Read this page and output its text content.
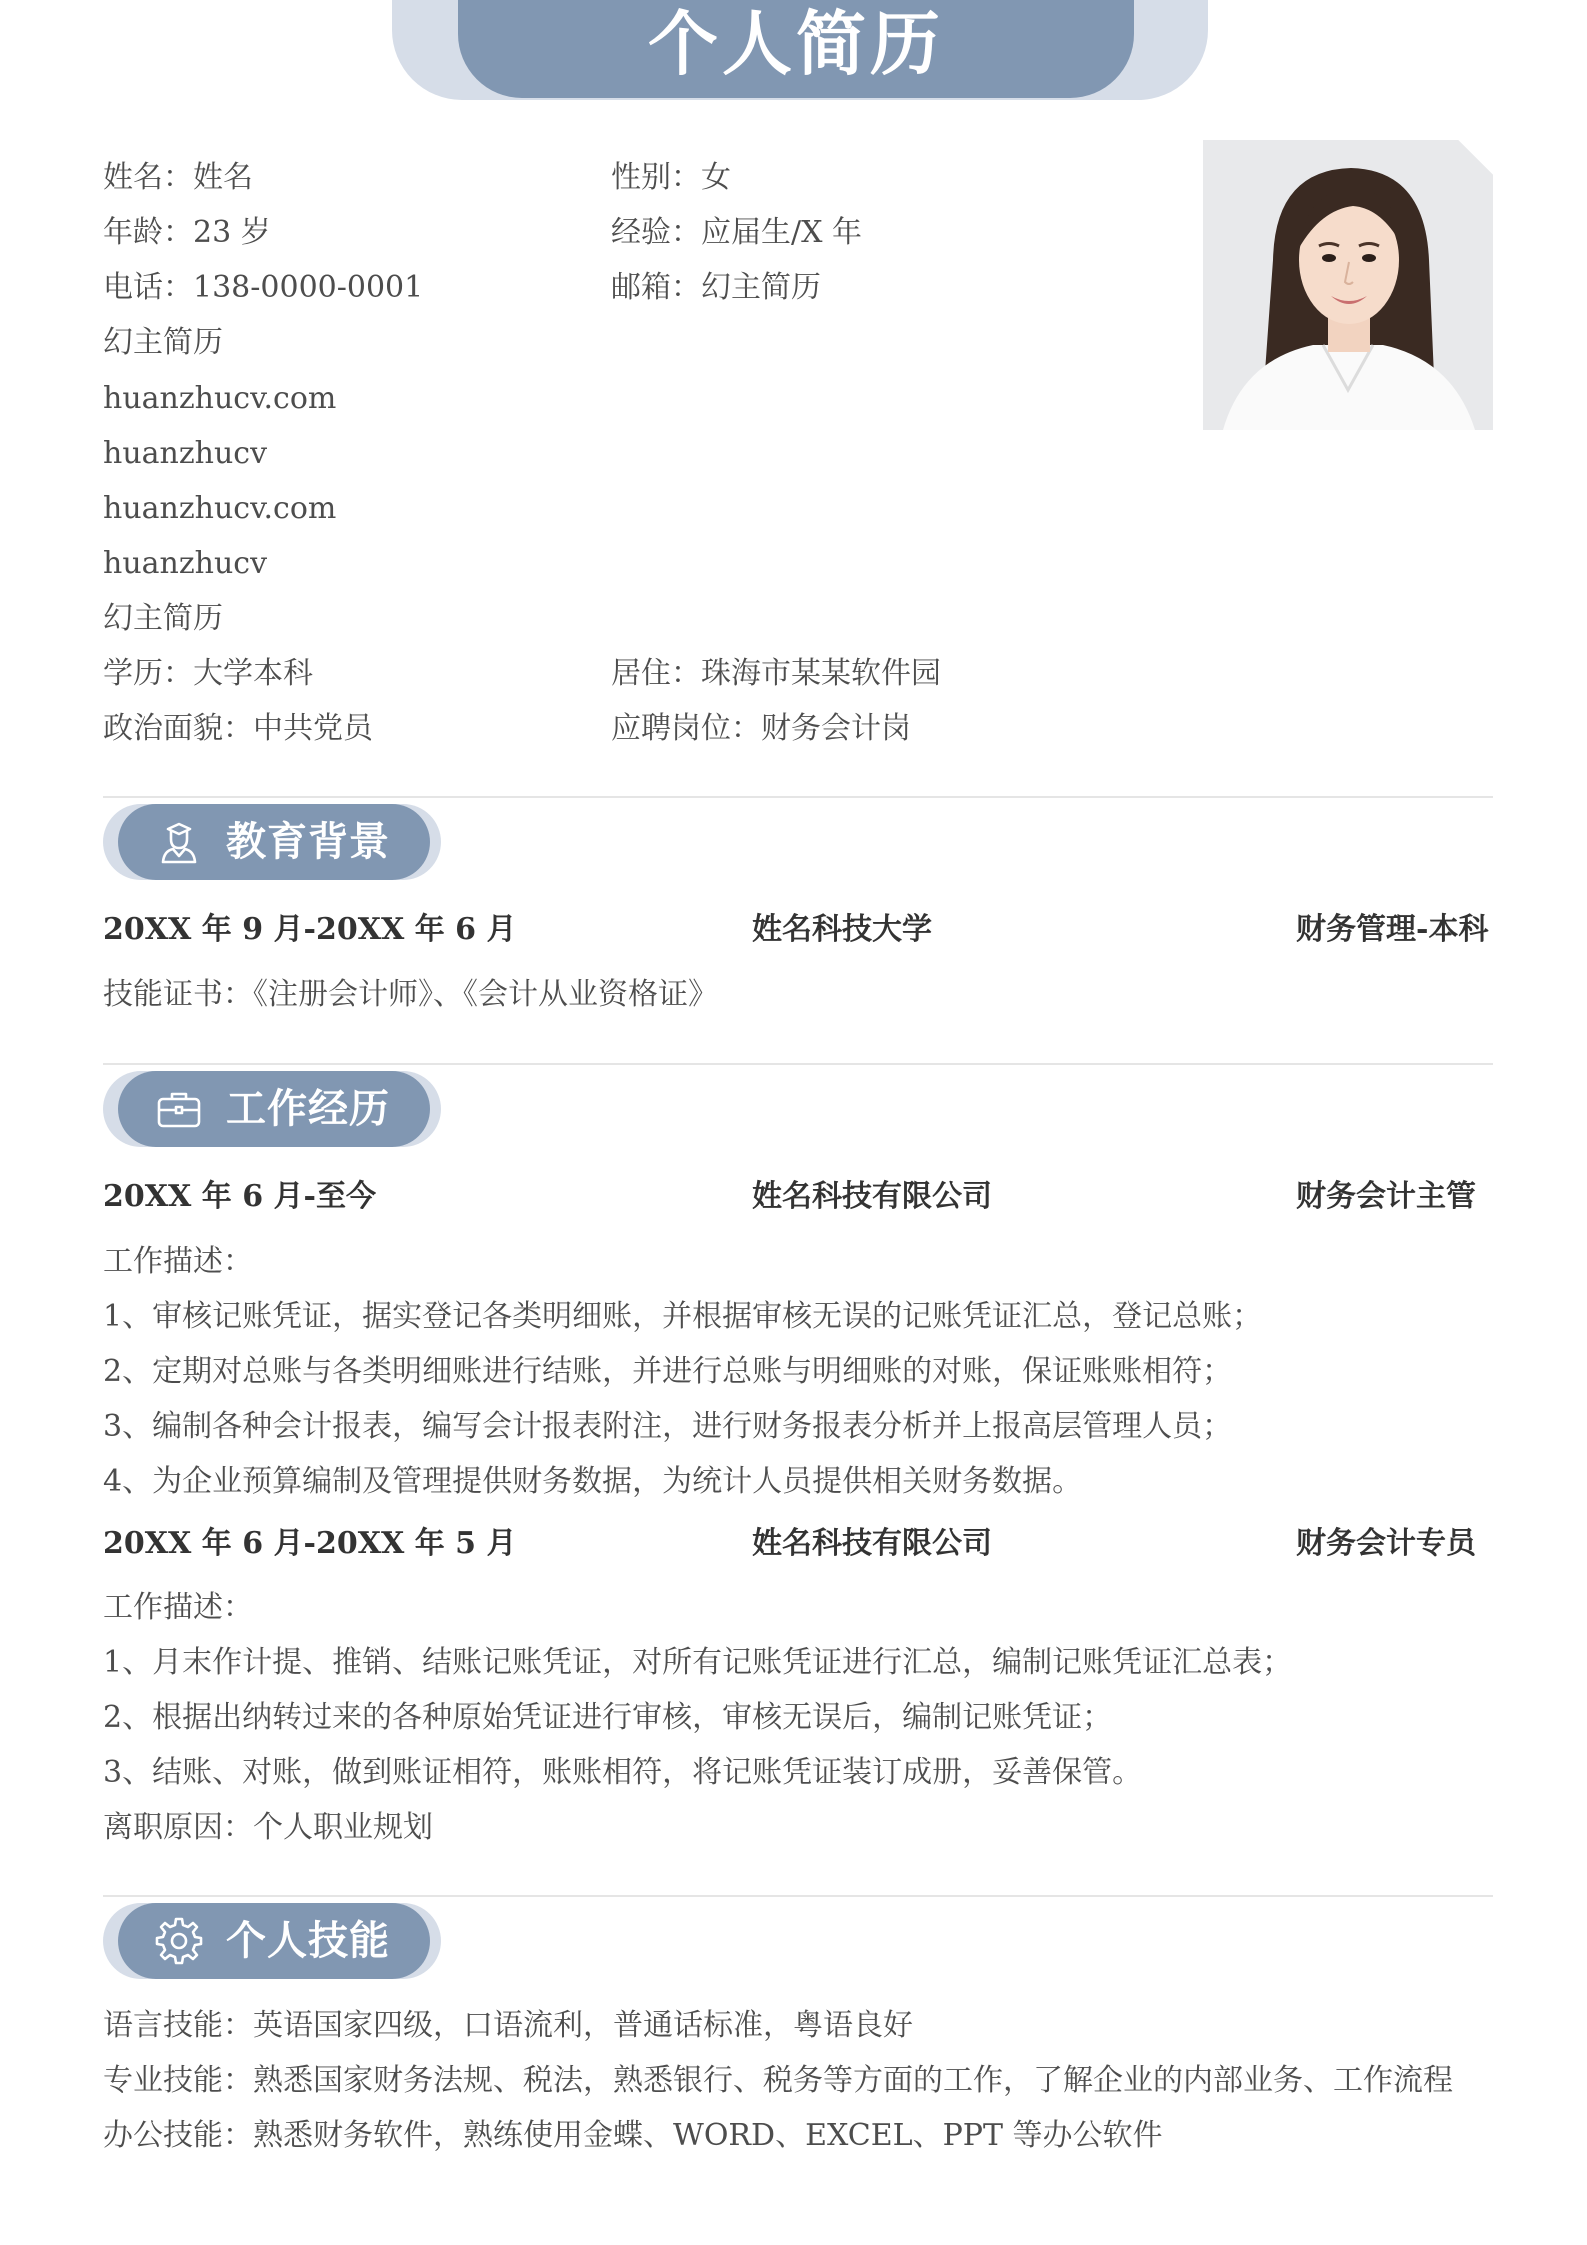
个人简历
姓名：姓名	性别：女
年龄：23 岁	经验：应届生/X 年
电话：138-0000-0001	邮箱：幻主简历
幻主简历
huanzhucv.com
huanzhucv
huanzhucv.com
huanzhucv
幻主简历
学历：大学本科	居住：珠海市某某软件园
政治面貌：中共党员	应聘岗位：财务会计岗
教育背景
20XX 年 9 月-20XX 年 6 月	姓名科技大学	财务管理-本科
技能证书：《注册会计师》、《会计从业资格证》
工作经历
20XX 年 6 月-至今	姓名科技有限公司	财务会计主管
工作描述：
1、审核记账凭证，据实登记各类明细账，并根据审核无误的记账凭证汇总，登记总账；
2、定期对总账与各类明细账进行结账，并进行总账与明细账的对账，保证账账相符；
3、编制各种会计报表，编写会计报表附注，进行财务报表分析并上报高层管理人员；
4、为企业预算编制及管理提供财务数据，为统计人员提供相关财务数据。
20XX 年 6 月-20XX 年 5 月	姓名科技有限公司	财务会计专员
工作描述：
1、月末作计提、推销、结账记账凭证，对所有记账凭证进行汇总，编制记账凭证汇总表；
2、根据出纳转过来的各种原始凭证进行审核，审核无误后，编制记账凭证；
3、结账、对账，做到账证相符，账账相符，将记账凭证装订成册，妥善保管。
离职原因：个人职业规划
个人技能
语言技能：英语国家四级，口语流利，普通话标准，粤语良好
专业技能：熟悉国家财务法规、税法，熟悉银行、税务等方面的工作，了解企业的内部业务、工作流程
办公技能：熟悉财务软件，熟练使用金蝶、WORD、EXCEL、PPT 等办公软件
